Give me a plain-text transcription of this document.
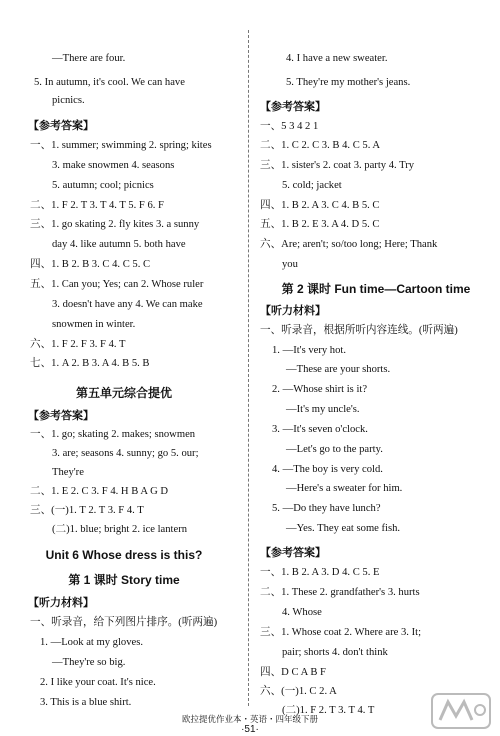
—There are four.
5. In autumn, it's cool. We can have
picnics.
【参考答案】
一、1. summer; swimming 2. spring; kites
3. make snowmen 4. seasons
5. autumn; cool; picnics
二、1. F 2. T 3. T 4. T 5. F 6. F
三、1. go skating 2. fly kites 3. a sunny
day 4. like autumn 5. both have
四、1. B 2. B 3. C 4. C 5. C
五、1. Can you; Yes; can 2. Whose ruler
3. doesn't have any 4. We can make
snowmen in winter.
六、1. F 2. F 3. F 4. T
七、1. A 2. B 3. A 4. B 5. B
第五单元综合提优
【参考答案】
一、1. go; skating 2. makes; snowmen
3. are; seasons 4. sunny; go 5. our;
They're
二、1. E 2. C 3. F 4. H B A G D
三、(一)1. T 2. T 3. F 4. T
(二)1. blue; bright 2. ice lantern
Unit 6 Whose dress is this?
第 1 课时 Story time
【听力材料】
一、听录音，给下列图片排序。(听两遍)
1. —Look at my gloves.
—They're so big.
2. I like your coat. It's nice.
3. This is a blue shirt.
4. I have a new sweater.
5. They're my mother's jeans.
【参考答案】
一、5 3 4 2 1
二、1. C 2. C 3. B 4. C 5. A
三、1. sister's 2. coat 3. party 4. Try
5. cold; jacket
四、1. B 2. A 3. C 4. B 5. C
五、1. B 2. E 3. A 4. D 5. C
六、Are; aren't; so/too long; Here; Thank
you
第 2 课时 Fun time—Cartoon time
【听力材料】
一、听录音，根据所听内容连线。(听两遍)
1. —It's very hot.
—These are your shorts.
2. —Whose shirt is it?
—It's my uncle's.
3. —It's seven o'clock.
—Let's go to the party.
4. —The boy is very cold.
—Here's a sweater for him.
5. —Do they have lunch?
—Yes. They eat some fish.
【参考答案】
一、1. B 2. A 3. D 4. C 5. E
二、1. These 2. grandfather's 3. hurts
4. Whose
三、1. Whose coat 2. Where are 3. It;
pair; shorts 4. don't think
四、D C A B F
六、(一)1. C 2. A
(二)1. F 2. T 3. T 4. T
欧拉提优作业本・英语・四年级下册
·51·
